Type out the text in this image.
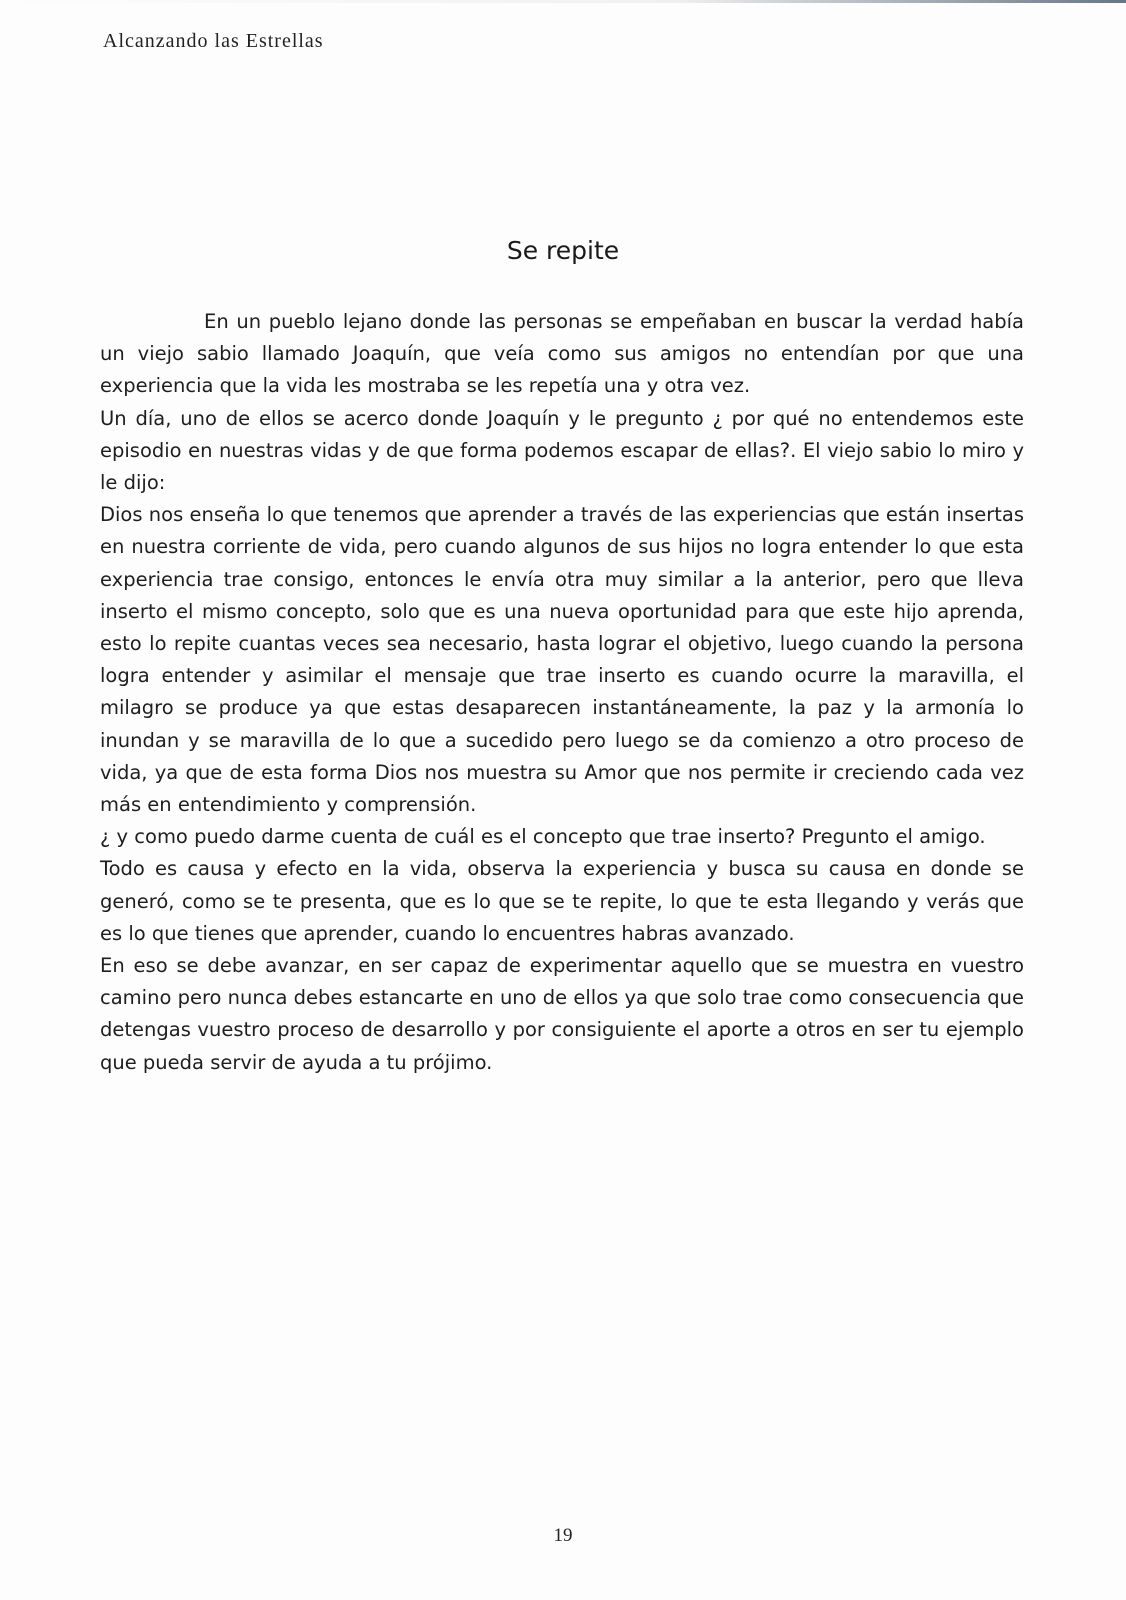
Alcanzando las Estrellas
Se repite

En un pueblo lejano donde las personas se empeñaban en buscar la verdad había un viejo sabio llamado Joaquín, que veía como sus amigos no entendían por que una experiencia que la vida les mostraba se les repetía una y otra vez.

Un día, uno de ellos se acerco donde Joaquín y le pregunto ¿ por qué no entendemos este episodio en nuestras vidas y de que forma podemos escapar de ellas?. El viejo sabio lo miro y le dijo:

Dios nos enseña lo que tenemos que aprender a través de las experiencias que están insertas en nuestra corriente de vida, pero cuando algunos de sus hijos no logra entender lo que esta experiencia trae consigo, entonces le envía otra muy similar a la anterior, pero que lleva inserto el mismo concepto, solo que es una nueva oportunidad para que este hijo aprenda, esto lo repite cuantas veces sea necesario, hasta lograr el objetivo, luego cuando la persona logra entender y asimilar el mensaje que trae inserto es cuando ocurre la maravilla, el milagro se produce ya que estas desaparecen instantáneamente, la paz y la armonía lo inundan y se maravilla de lo que a sucedido pero luego se da comienzo a otro proceso de vida, ya que de esta forma Dios nos muestra su Amor que nos permite ir creciendo cada vez más en entendimiento y comprensión.

¿ y como puedo darme cuenta de cuál es el concepto que trae inserto? Pregunto el amigo.

Todo es causa y efecto en la vida, observa la experiencia y busca su causa en donde se generó, como se te presenta, que es lo que se te repite, lo que te esta llegando y verás que es lo que tienes que aprender, cuando lo encuentres habras avanzado.

En eso se debe avanzar, en ser capaz de experimentar aquello que se muestra en vuestro camino pero nunca debes estancarte en uno de ellos ya que solo trae como consecuencia que detengas vuestro proceso de desarrollo y por consiguiente el aporte a otros en ser tu ejemplo que pueda servir de ayuda a tu prójimo.

19
